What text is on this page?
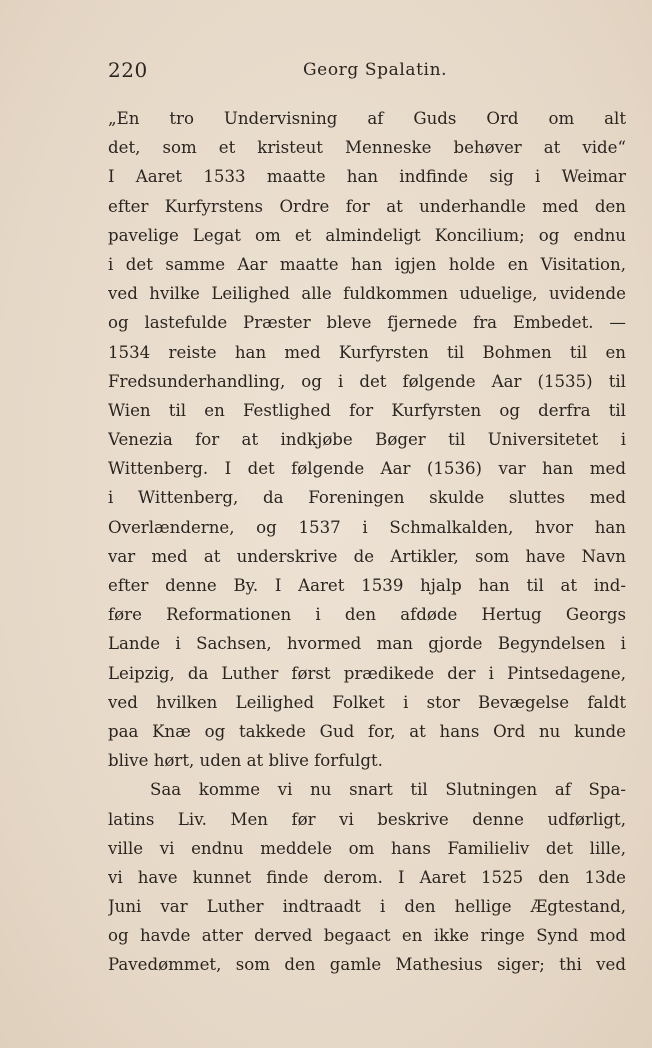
220	Georg Spalatin.
„En tro Undervisning af Guds Ord om alt
det, som et kristeut Menneske behøver at vide“
I Aaret 1533 maatte han indfinde sig i Weimar
efter Kurfyrstens Ordre for at underhandle med den
pavelige Legat om et almindeligt Koncilium; og endnu
i det samme Aar maatte han igjen holde en Visitation,
ved hvilke Leilighed alle fuldkommen uduelige, uvidende
og lastefulde Præster bleve fjernede fra Embedet. —
1534 reiste han med Kurfyrsten til Bohmen til en
Fredsunderhandling, og i det følgende Aar (1535) til
Wien til en Festlighed for Kurfyrsten og derfra til
Venezia for at indkjøbe Bøger til Universitetet i
Wittenberg. I det følgende Aar (1536) var han med
i Wittenberg, da Foreningen skulde sluttes med
Overlænderne, og 1537 i Schmalkalden, hvor han
var med at underskrive de Artikler, som have Navn
efter denne By. I Aaret 1539 hjalp han til at ind-
føre Reformationen i den afdøde Hertug Georgs
Lande i Sachsen, hvormed man gjorde Begyndelsen i
Leipzig, da Luther først prædikede der i Pintsedagene,
ved hvilken Leilighed Folket i stor Bevægelse faldt
paa Knæ og takkede Gud for, at hans Ord nu kunde
blive hørt, uden at blive forfulgt.
Saa komme vi nu snart til Slutningen af Spa-
latins Liv. Men før vi beskrive denne udførligt,
ville vi endnu meddele om hans Familieliv det lille,
vi have kunnet finde derom. I Aaret 1525 den 13de
Juni var Luther indtraadt i den hellige Ægtestand,
og havde atter derved begaact en ikke ringe Synd mod
Pavedømmet, som den gamle Mathesius siger; thi ved
